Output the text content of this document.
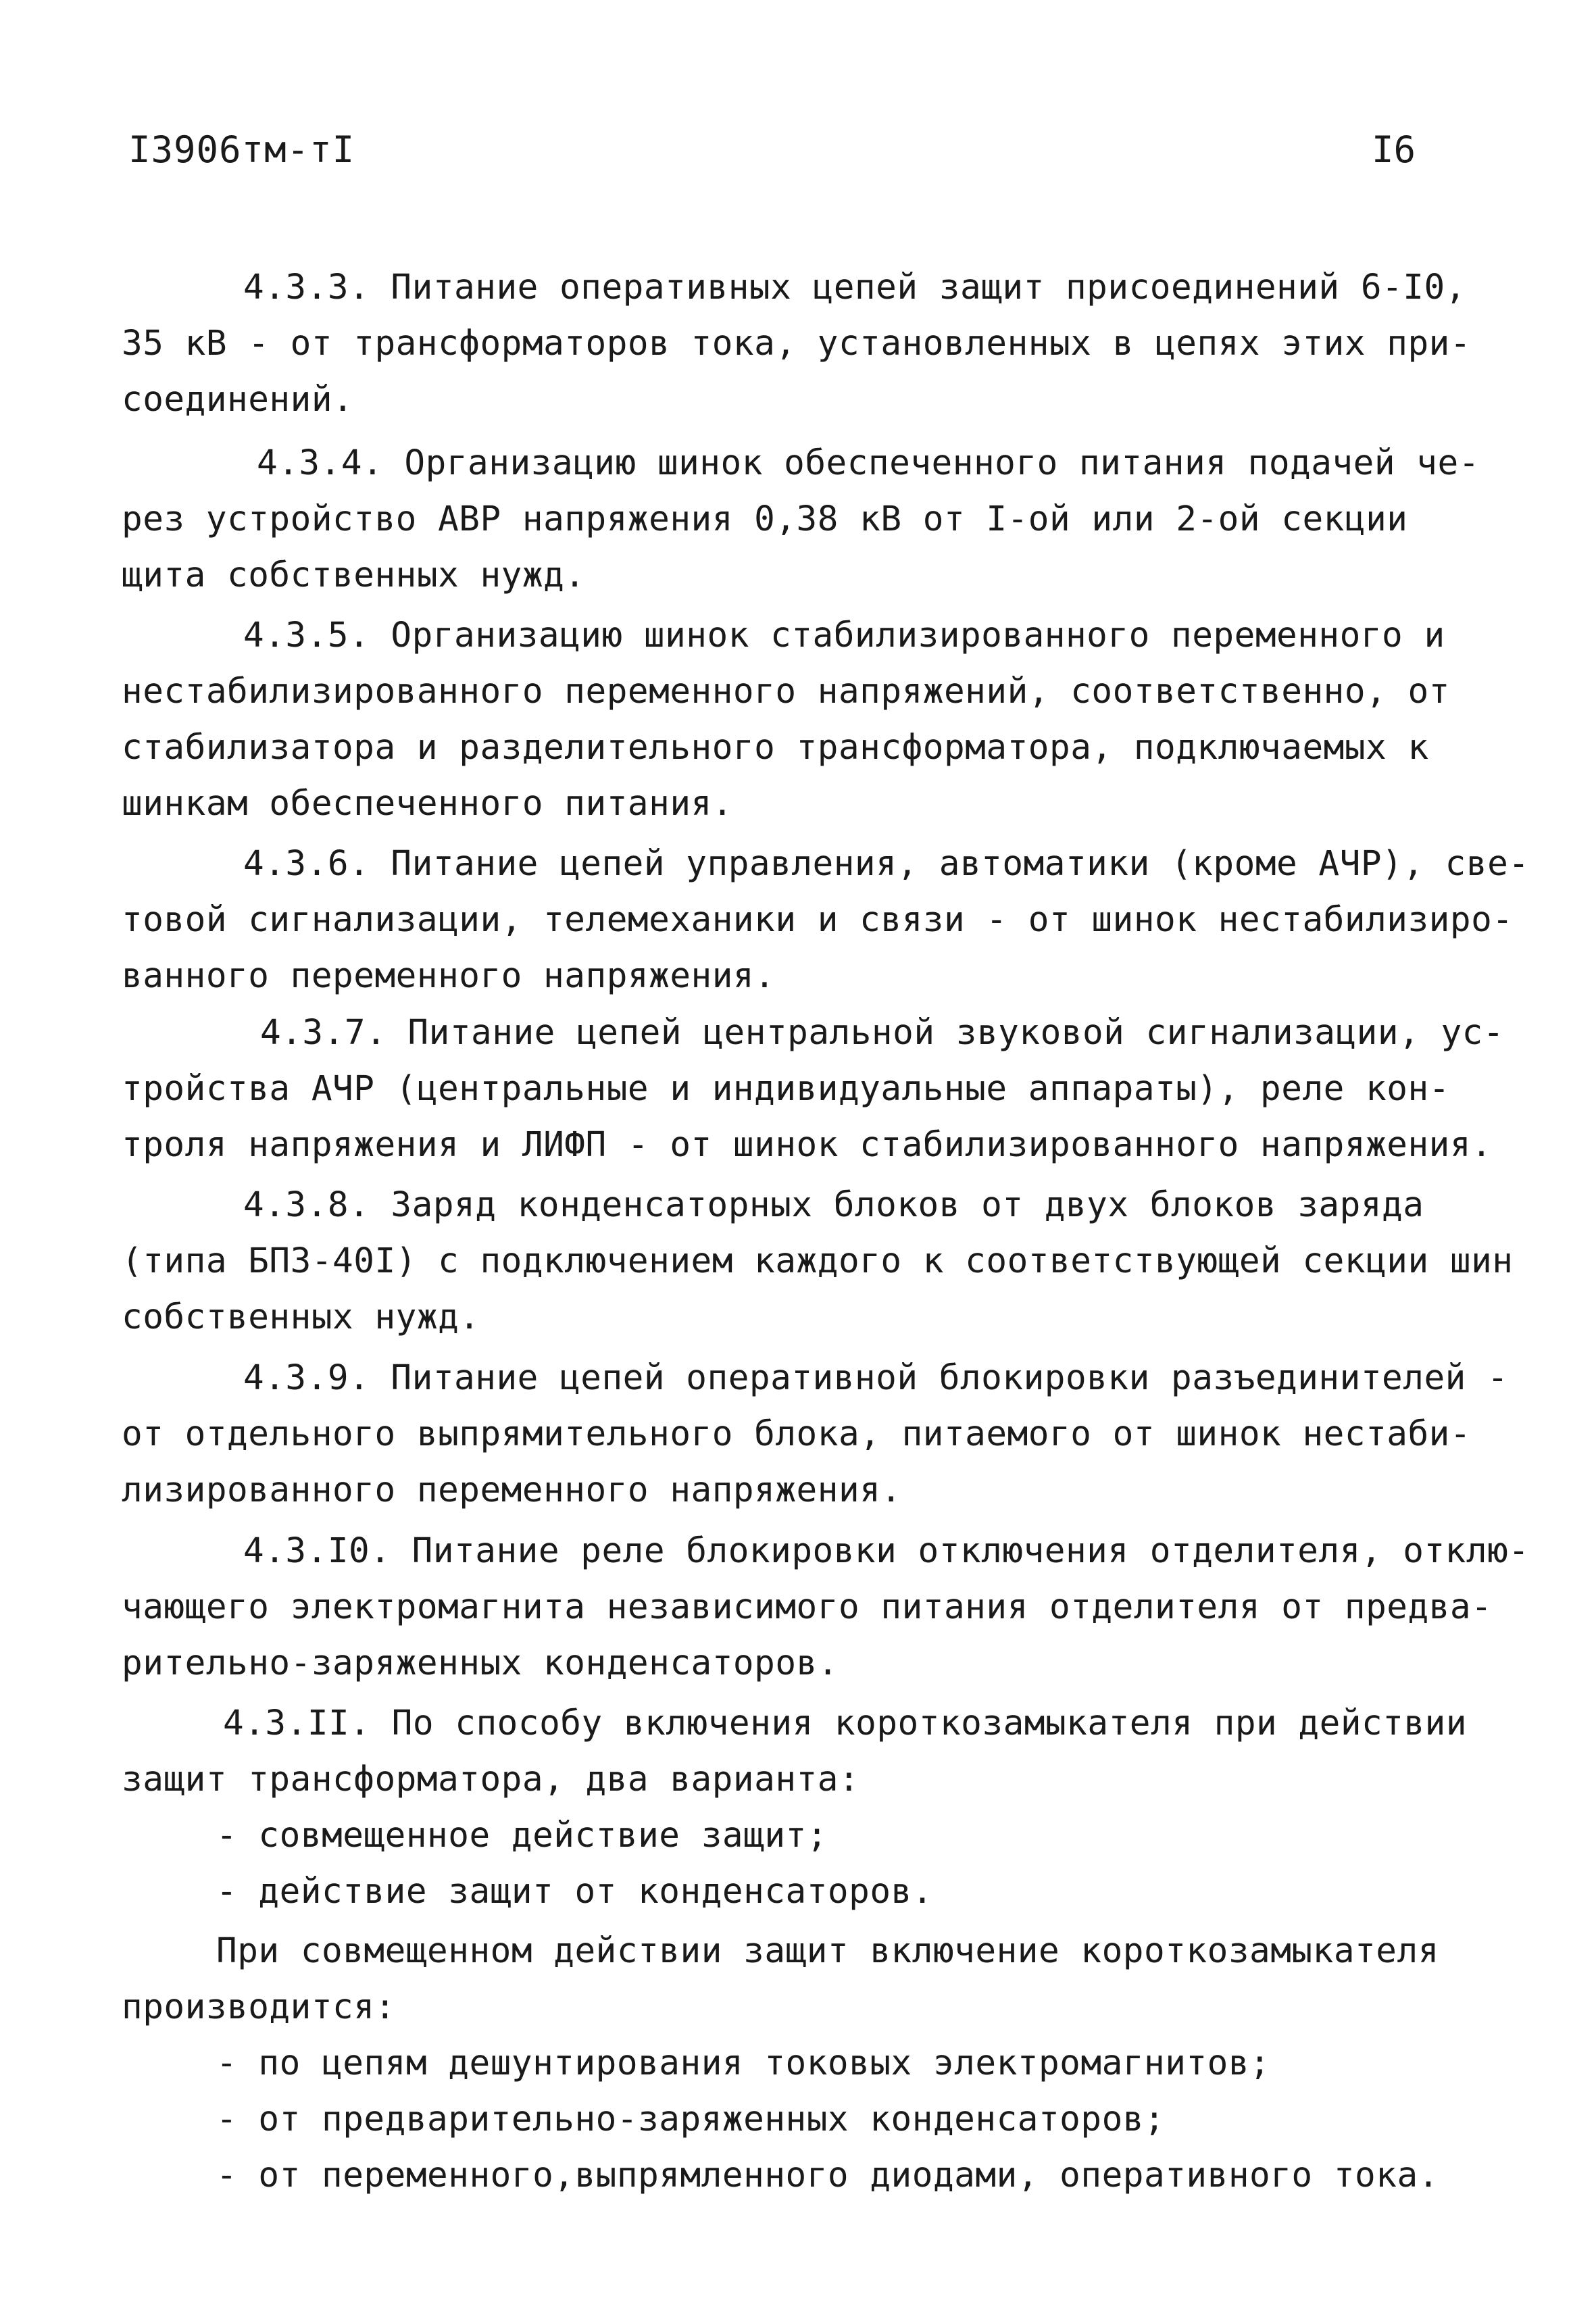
I3906тм-тI	I6
4.3.3. Питание оперативных цепей защит присоединений 6-I0,
35 кВ - от трансформаторов тока, установленных в цепях этих при-
соединений.
4.3.4. Организацию шинок обеспеченного питания подачей че-
рез устройство АВР напряжения 0,38 кВ от I-ой или 2-ой секции
щита собственных нужд.
4.3.5. Организацию шинок стабилизированного переменного и
нестабилизированного переменного напряжений, соответственно, от
стабилизатора и разделительного трансформатора, подключаемых к
шинкам обеспеченного питания.
4.3.6. Питание цепей управления, автоматики (кроме АЧР), све-
товой сигнализации, телемеханики и связи - от шинок нестабилизиро-
ванного переменного напряжения.
4.3.7. Питание цепей центральной звуковой сигнализации, ус-
тройства АЧР (центральные и индивидуальные аппараты), реле кон-
троля напряжения и ЛИФП - от шинок стабилизированного напряжения.
4.3.8. Заряд конденсаторных блоков от двух блоков заряда
(типа БПЗ-40I) с подключением каждого к соответствующей секции шин
собственных нужд.
4.3.9. Питание цепей оперативной блокировки разъединителей -
от отдельного выпрямительного блока, питаемого от шинок нестаби-
лизированного переменного напряжения.
4.3.I0. Питание реле блокировки отключения отделителя, отклю-
чающего электромагнита независимого питания отделителя от предва-
рительно-заряженных конденсаторов.
4.3.II. По способу включения короткозамыкателя при действии
защит трансформатора, два варианта:
- совмещенное действие защит;
- действие защит от конденсаторов.
При совмещенном действии защит включение короткозамыкателя
производится:
- по цепям дешунтирования токовых электромагнитов;
- от предварительно-заряженных конденсаторов;
- от переменного,выпрямленного диодами, оперативного тока.
